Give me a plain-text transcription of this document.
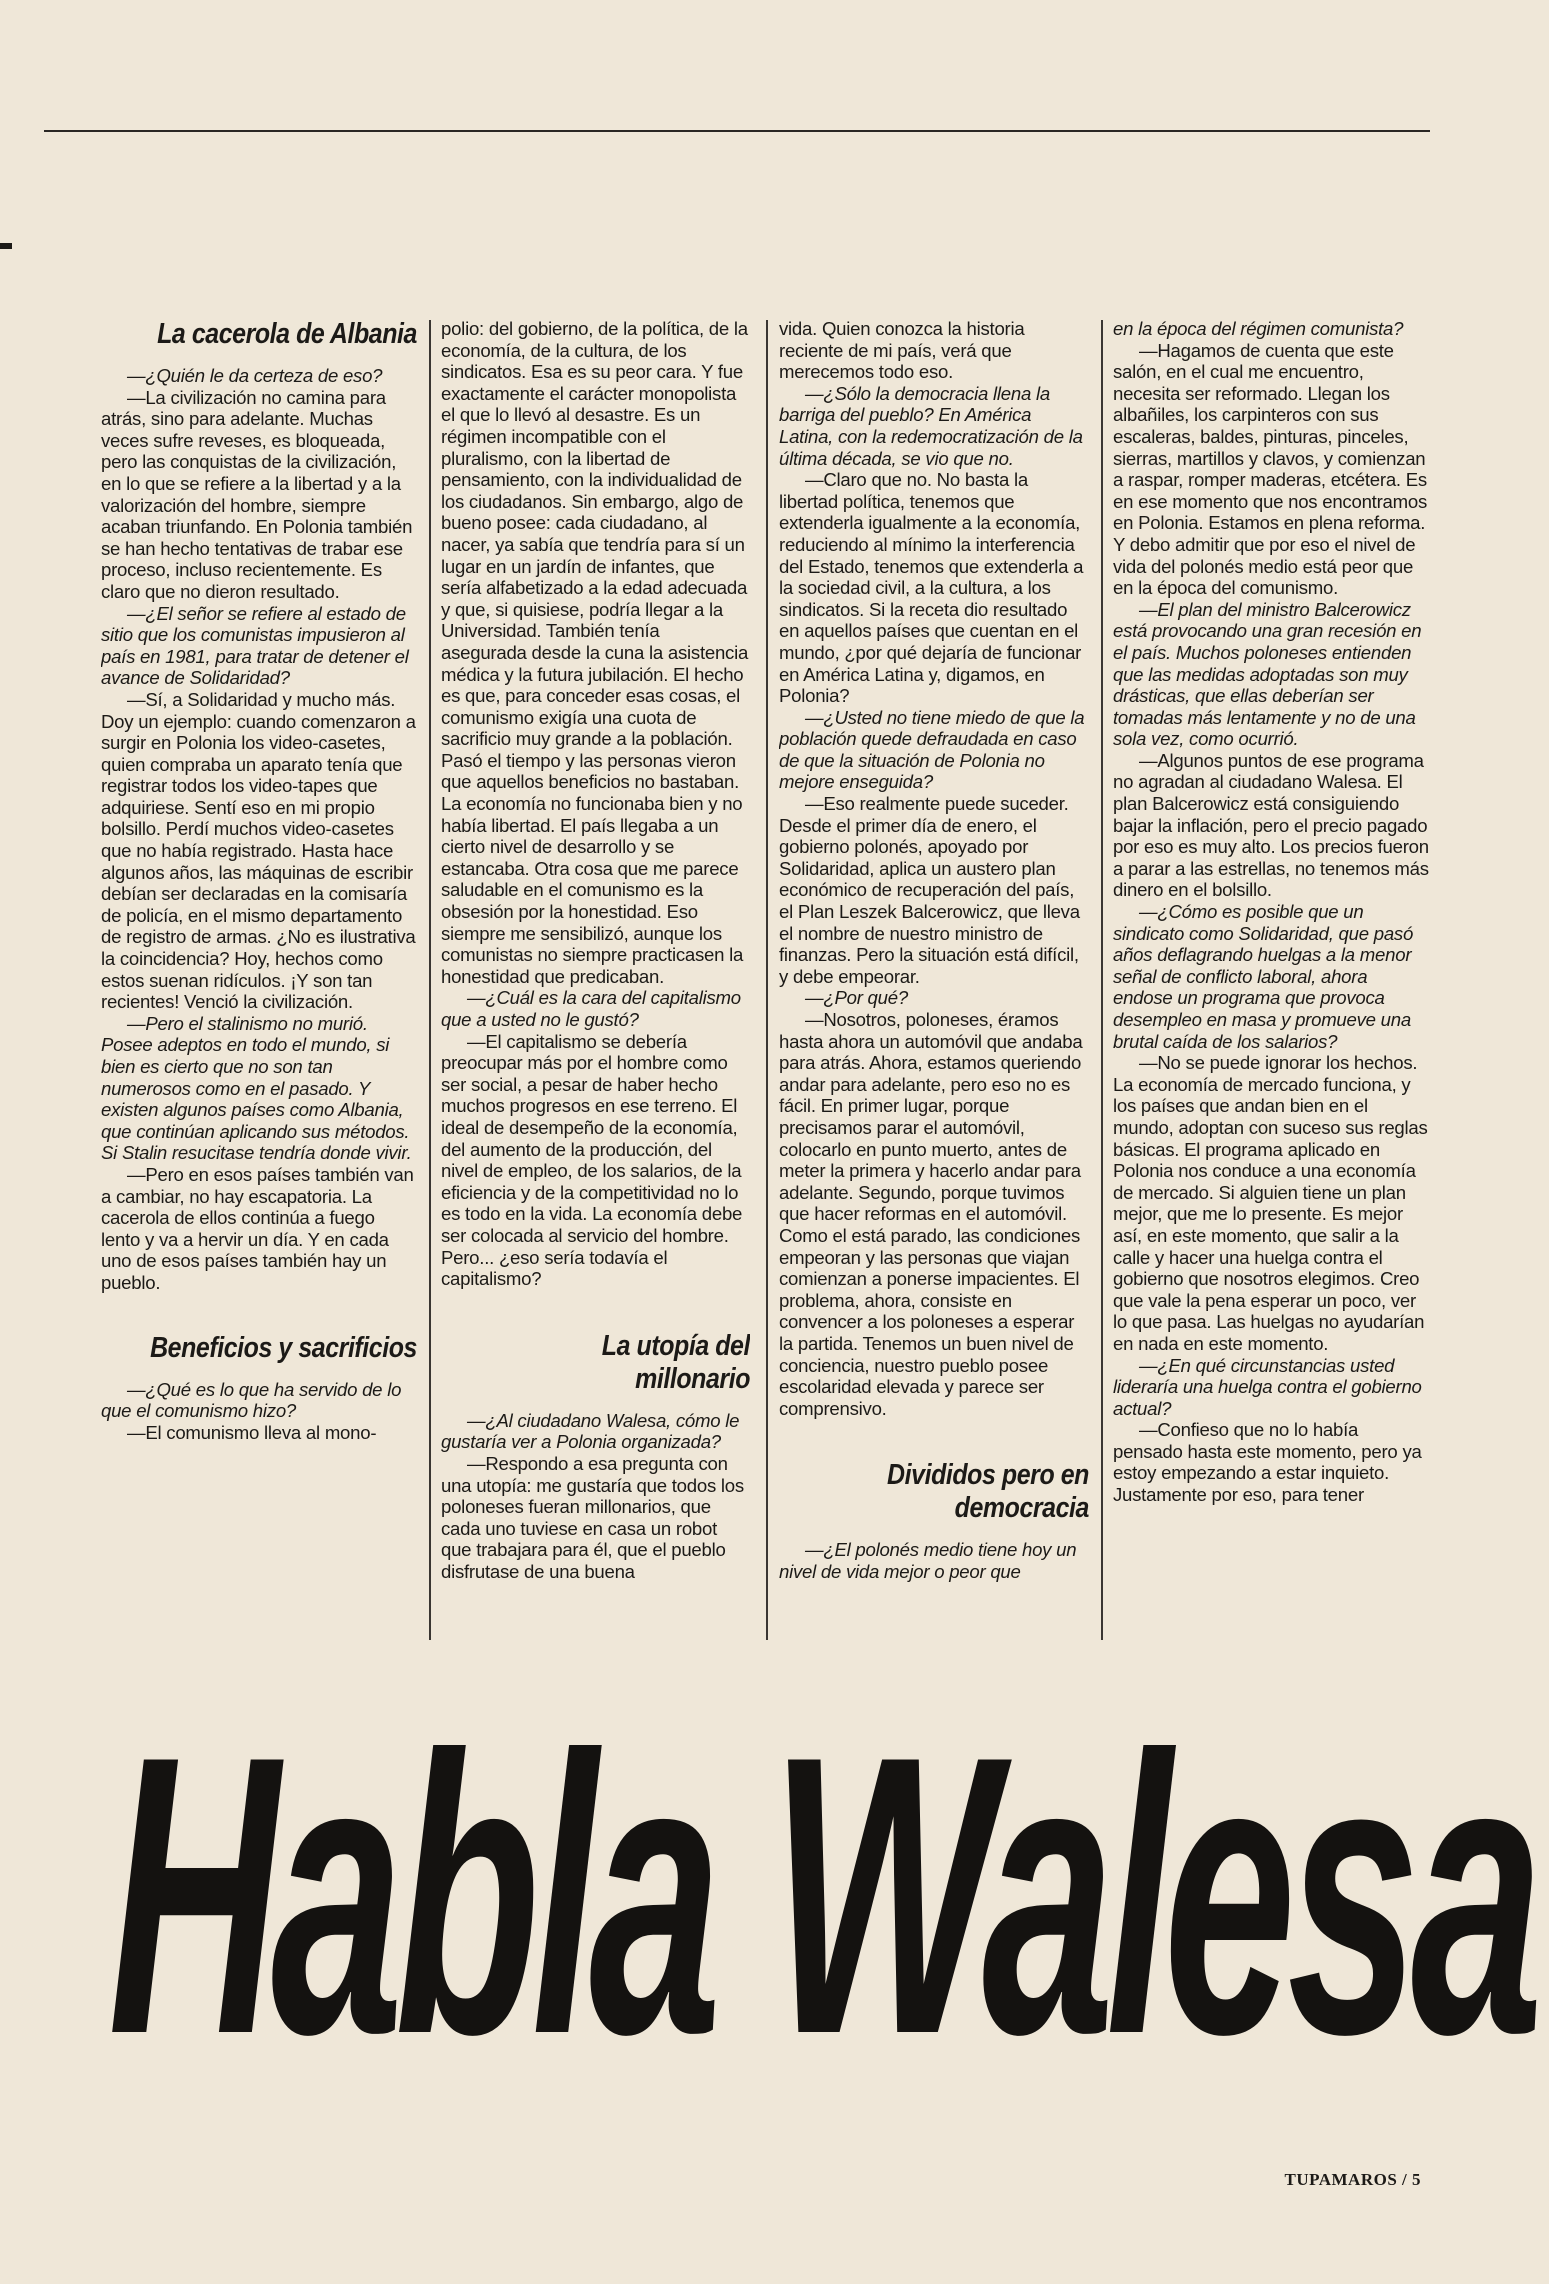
La cacerola de Albania

—¿Quién le da certeza de eso?

—La civilización no camina para atrás, sino para adelante. Muchas veces sufre reveses, es bloqueada, pero las conquistas de la civilización, en lo que se refiere a la libertad y a la valorización del hombre, siempre acaban triunfando. En Polonia también se han hecho tentativas de trabar ese proceso, incluso recientemente. Es claro que no dieron resultado.

—¿El señor se refiere al estado de sitio que los comunistas impusieron al país en 1981, para tratar de detener el avance de Solidaridad?

—Sí, a Solidaridad y mucho más. Doy un ejemplo: cuando comenzaron a surgir en Polonia los video-casetes, quien compraba un aparato tenía que registrar todos los video-tapes que adquiriese. Sentí eso en mi propio bolsillo. Perdí muchos video-casetes que no había registrado. Hasta hace algunos años, las máquinas de escribir debían ser declaradas en la comisaría de policía, en el mismo departamento de registro de armas. ¿No es ilustrativa la coincidencia? Hoy, hechos como estos suenan ridículos. ¡Y son tan recientes! Venció la civilización.

—Pero el stalinismo no murió. Posee adeptos en todo el mundo, si bien es cierto que no son tan numerosos como en el pasado. Y existen algunos países como Albania, que continúan aplicando sus métodos. Si Stalin resucitase tendría donde vivir.

—Pero en esos países también van a cambiar, no hay escapatoria. La cacerola de ellos continúa a fuego lento y va a hervir un día. Y en cada uno de esos países también hay un pueblo.

Beneficios y sacrificios

—¿Qué es lo que ha servido de lo que el comunismo hizo?

—El comunismo lleva al mono-

polio: del gobierno, de la política, de la economía, de la cultura, de los sindicatos. Esa es su peor cara. Y fue exactamente el carácter monopolista el que lo llevó al desastre. Es un régimen incompatible con el pluralismo, con la libertad de pensamiento, con la individualidad de los ciudadanos. Sin embargo, algo de bueno posee: cada ciudadano, al nacer, ya sabía que tendría para sí un lugar en un jardín de infantes, que sería alfabetizado a la edad adecuada y que, si quisiese, podría llegar a la Universidad. También tenía asegurada desde la cuna la asistencia médica y la futura jubilación. El hecho es que, para conceder esas cosas, el comunismo exigía una cuota de sacrificio muy grande a la población. Pasó el tiempo y las personas vieron que aquellos beneficios no bastaban. La economía no funcionaba bien y no había libertad. El país llegaba a un cierto nivel de desarrollo y se estancaba. Otra cosa que me parece saludable en el comunismo es la obsesión por la honestidad. Eso siempre me sensibilizó, aunque los comunistas no siempre practicasen la honestidad que predicaban.

—¿Cuál es la cara del capitalismo que a usted no le gustó?

—El capitalismo se debería preocupar más por el hombre como ser social, a pesar de haber hecho muchos progresos en ese terreno. El ideal de desempeño de la economía, del aumento de la producción, del nivel de empleo, de los salarios, de la eficiencia y de la competitividad no lo es todo en la vida. La economía debe ser colocada al servicio del hombre. Pero... ¿eso sería todavía el capitalismo?

La utopía del millonario

—¿Al ciudadano Walesa, cómo le gustaría ver a Polonia organizada?

—Respondo a esa pregunta con una utopía: me gustaría que todos los poloneses fueran millonarios, que cada uno tuviese en casa un robot que trabajara para él, que el pueblo disfrutase de una buena

vida. Quien conozca la historia reciente de mi país, verá que merecemos todo eso.

—¿Sólo la democracia llena la barriga del pueblo? En América Latina, con la redemocratización de la última década, se vio que no.

—Claro que no. No basta la libertad política, tenemos que extenderla igualmente a la economía, reduciendo al mínimo la interferencia del Estado, tenemos que extenderla a la sociedad civil, a la cultura, a los sindicatos. Si la receta dio resultado en aquellos países que cuentan en el mundo, ¿por qué dejaría de funcionar en América Latina y, digamos, en Polonia?

—¿Usted no tiene miedo de que la población quede defraudada en caso de que la situación de Polonia no mejore enseguida?

—Eso realmente puede suceder. Desde el primer día de enero, el gobierno polonés, apoyado por Solidaridad, aplica un austero plan económico de recuperación del país, el Plan Leszek Balcerowicz, que lleva el nombre de nuestro ministro de finanzas. Pero la situación está difícil, y debe empeorar.

—¿Por qué?

—Nosotros, poloneses, éramos hasta ahora un automóvil que andaba para atrás. Ahora, estamos queriendo andar para adelante, pero eso no es fácil. En primer lugar, porque precisamos parar el automóvil, colocarlo en punto muerto, antes de meter la primera y hacerlo andar para adelante. Segundo, porque tuvimos que hacer reformas en el automóvil. Como el está parado, las condiciones empeoran y las personas que viajan comienzan a ponerse impacientes. El problema, ahora, consiste en convencer a los poloneses a esperar la partida. Tenemos un buen nivel de conciencia, nuestro pueblo posee escolaridad elevada y parece ser comprensivo.

Divididos pero en democracia

—¿El polonés medio tiene hoy un nivel de vida mejor o peor que

en la época del régimen comunista?

—Hagamos de cuenta que este salón, en el cual me encuentro, necesita ser reformado. Llegan los albañiles, los carpinteros con sus escaleras, baldes, pinturas, pinceles, sierras, martillos y clavos, y comienzan a raspar, romper maderas, etcétera. Es en ese momento que nos encontramos en Polonia. Estamos en plena reforma. Y debo admitir que por eso el nivel de vida del polonés medio está peor que en la época del comunismo.

—El plan del ministro Balcerowicz está provocando una gran recesión en el país. Muchos poloneses entienden que las medidas adoptadas son muy drásticas, que ellas deberían ser tomadas más lentamente y no de una sola vez, como ocurrió.

—Algunos puntos de ese programa no agradan al ciudadano Walesa. El plan Balcerowicz está consiguiendo bajar la inflación, pero el precio pagado por eso es muy alto. Los precios fueron a parar a las estrellas, no tenemos más dinero en el bolsillo.

—¿Cómo es posible que un sindicato como Solidaridad, que pasó años deflagrando huelgas a la menor señal de conflicto laboral, ahora endose un programa que provoca desempleo en masa y promueve una brutal caída de los salarios?

—No se puede ignorar los hechos. La economía de mercado funciona, y los países que andan bien en el mundo, adoptan con suceso sus reglas básicas. El programa aplicado en Polonia nos conduce a una economía de mercado. Si alguien tiene un plan mejor, que me lo presente. Es mejor así, en este momento, que salir a la calle y hacer una huelga contra el gobierno que nosotros elegimos. Creo que vale la pena esperar un poco, ver lo que pasa. Las huelgas no ayudarían en nada en este momento.

—¿En qué circunstancias usted lideraría una huelga contra el gobierno actual?

—Confieso que no lo había pensado hasta este momento, pero ya estoy empezando a estar inquieto. Justamente por eso, para tener

Habla Walesa
TUPAMAROS / 5
